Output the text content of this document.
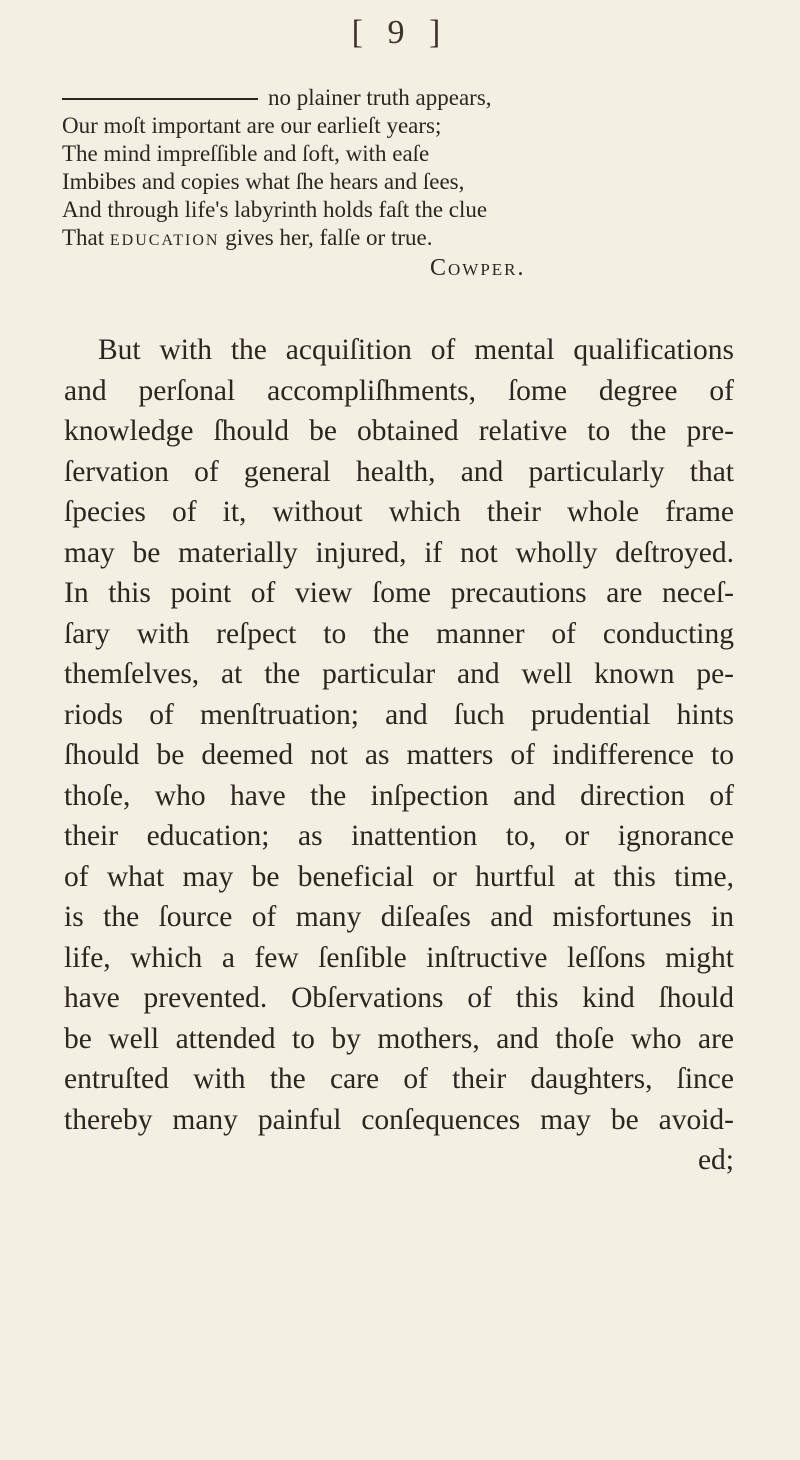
[ 9 ]
no plainer truth appears,
Our moſt important are our earlieſt years;
The mind impreſſible and ſoft, with eaſe
Imbibes and copies what ſhe hears and ſees,
And through life's labyrinth holds faſt the clue
That education gives her, falſe or true.
Cowper.
But with the acquiſition of mental qualifications
and perſonal accompliſhments, ſome degree of
knowledge ſhould be obtained relative to the pre-
ſervation of general health, and particularly that
ſpecies of it, without which their whole frame
may be materially injured, if not wholly deſtroyed.
In this point of view ſome precautions are neceſ-
ſary with reſpect to the manner of conducting
themſelves, at the particular and well known pe-
riods of menſtruation; and ſuch prudential hints
ſhould be deemed not as matters of indifference to
thoſe, who have the inſpection and direction of
their education; as inattention to, or ignorance
of what may be beneficial or hurtful at this time,
is the ſource of many diſeaſes and misfortunes in
life, which a few ſenſible inſtructive leſſons might
have prevented. Obſervations of this kind ſhould
be well attended to by mothers, and thoſe who are
entruſted with the care of their daughters, ſince
thereby many painful conſequences may be avoid-
ed;
